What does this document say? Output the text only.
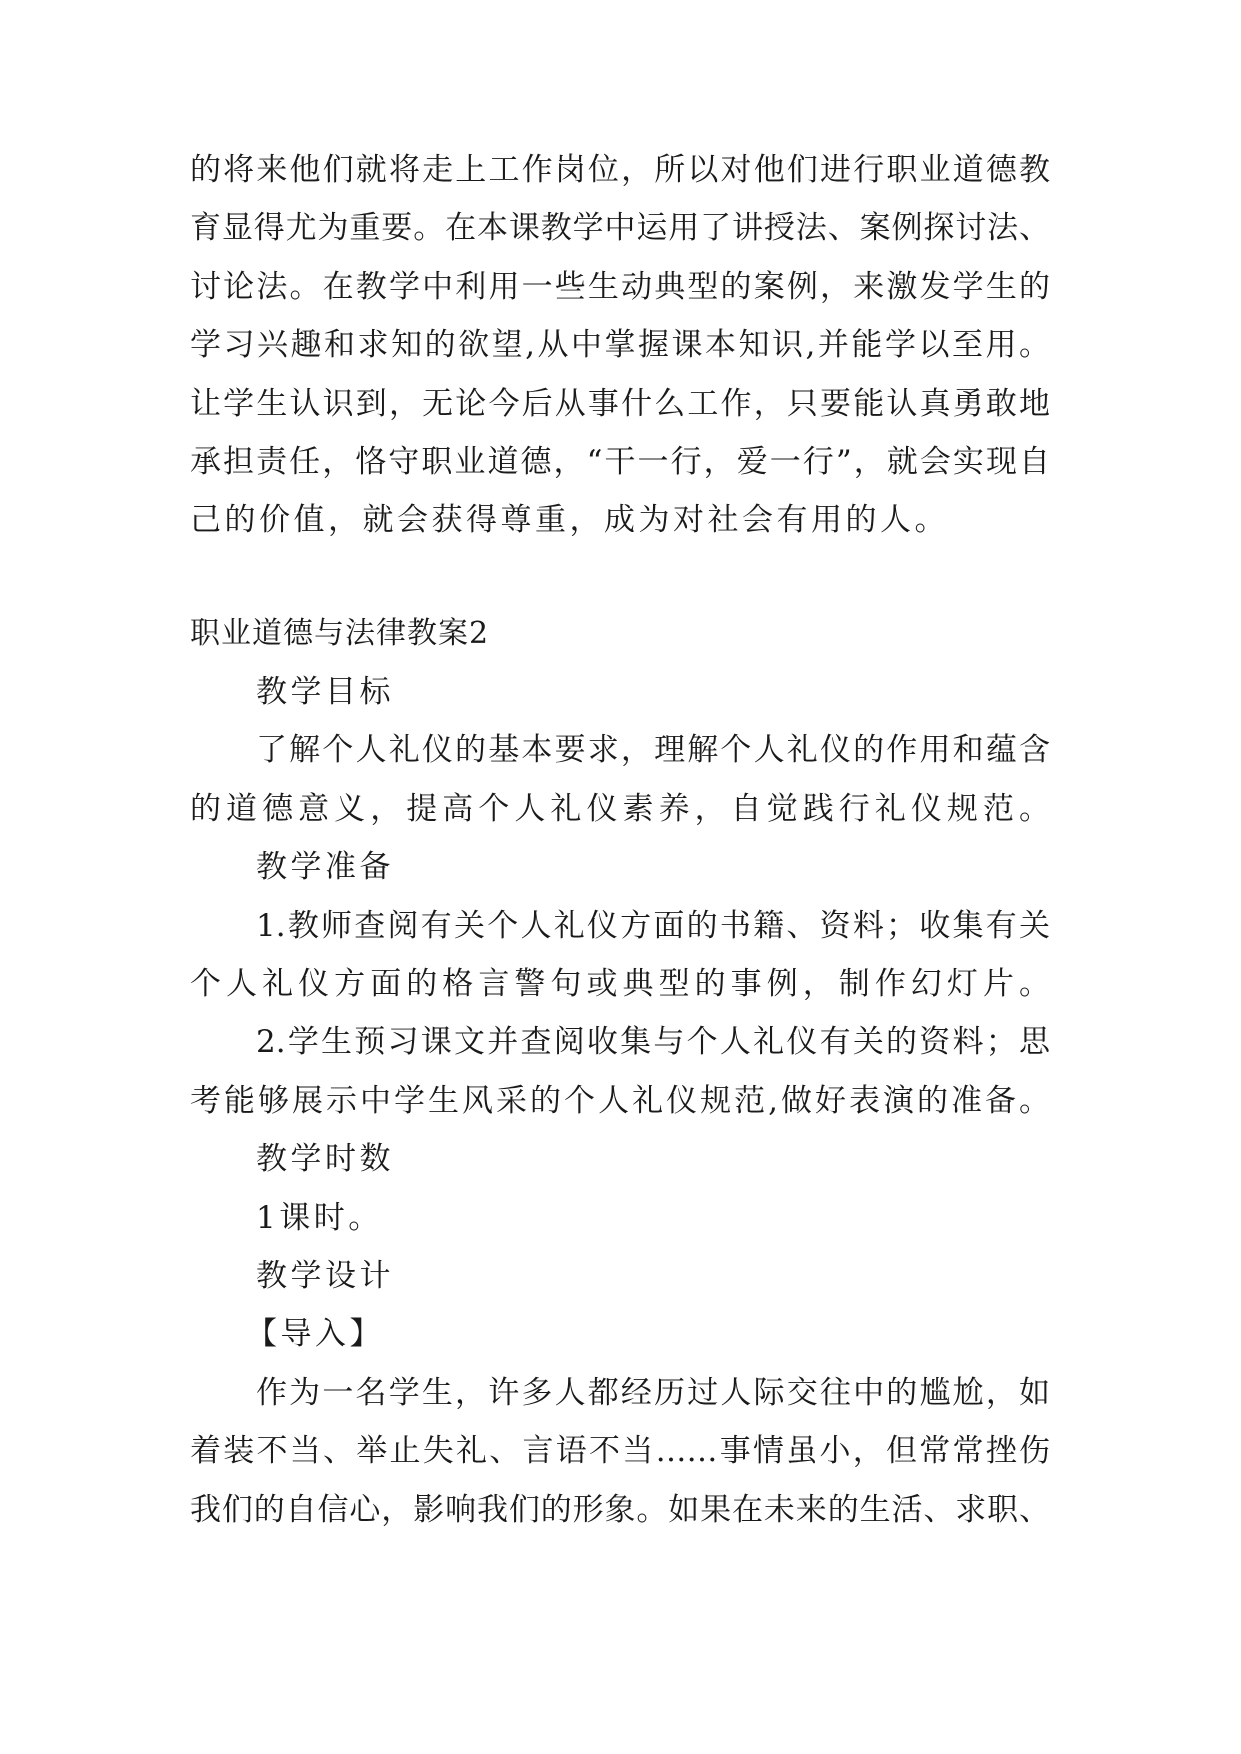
的将来他们就将走上工作岗位，所以对他们进行职业道德教
育显得尤为重要。在本课教学中运用了讲授法、案例探讨法、
讨论法。在教学中利用一些生动典型的案例，来激发学生的
学习兴趣和求知的欲望,从中掌握课本知识,并能学以至用。
让学生认识到，无论今后从事什么工作，只要能认真勇敢地
承担责任，恪守职业道德，“干一行，爱一行”，就会实现自
己的价值，就会获得尊重，成为对社会有用的人。
职业道德与法律教案2
教学目标
了解个人礼仪的基本要求，理解个人礼仪的作用和蕴含
的道德意义，提高个人礼仪素养，自觉践行礼仪规范。
教学准备
1.教师查阅有关个人礼仪方面的书籍、资料；收集有关
个人礼仪方面的格言警句或典型的事例，制作幻灯片。
2.学生预习课文并查阅收集与个人礼仪有关的资料；思
考能够展示中学生风采的个人礼仪规范,做好表演的准备。
教学时数
1课时。
教学设计
【导入】
作为一名学生，许多人都经历过人际交往中的尴尬，如
着装不当、举止失礼、言语不当……事情虽小，但常常挫伤
我们的自信心，影响我们的形象。如果在未来的生活、求职、
